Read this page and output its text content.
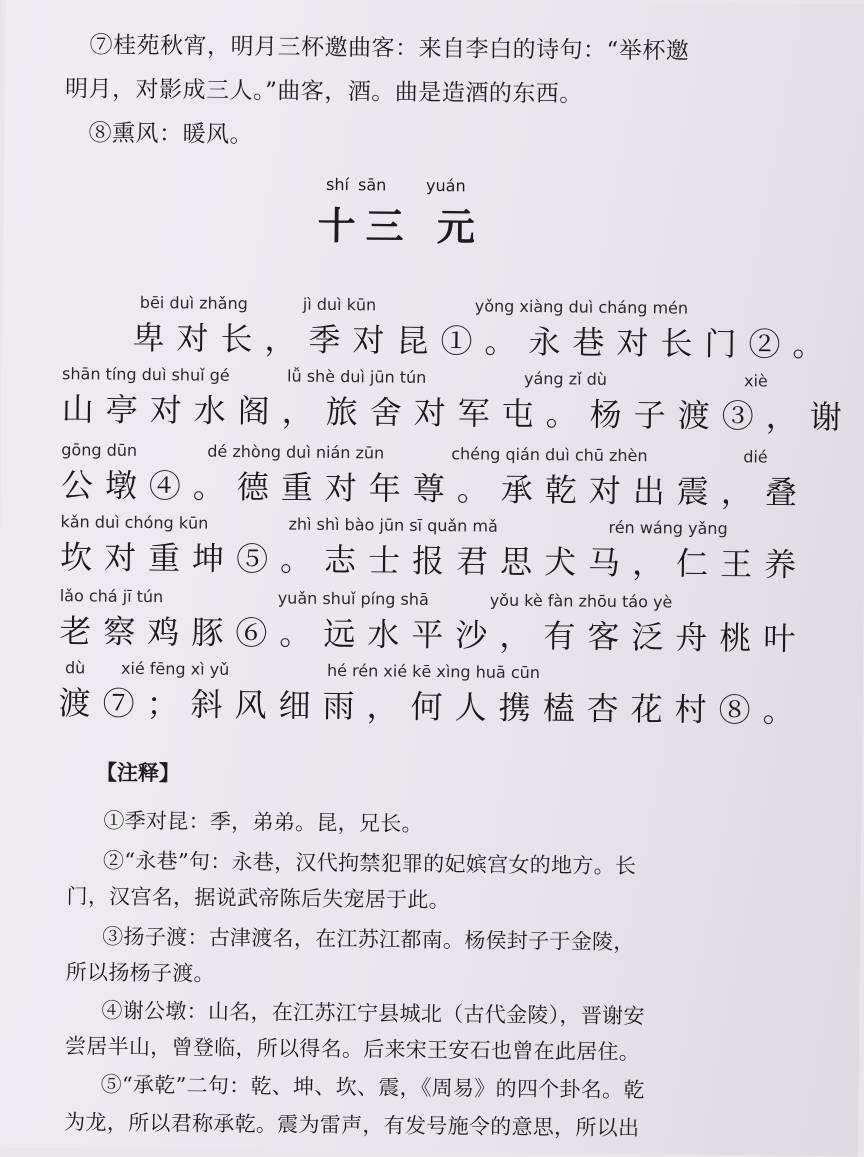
⑦桂苑秋宵，明月三杯邀曲客：来自李白的诗句：“举杯邀
明月，对影成三人。”曲客，酒。曲是造酒的东西。
⑧熏风：暖风。
shí sān yuán
十三 元
bēi duì zhǎng	jì duì kūn	yǒng xiàng duì cháng mén
卑对长，季对昆①。永巷对长门②。
shān tíng duì shuǐ gé	lǚ shè duì jūn tún	yáng zǐ dù	xiè
山亭对水阁，旅舍对军屯。杨子渡③，谢
gōng dūn	dé zhòng duì nián zūn	chéng qián duì chū zhèn	dié
公墩④。德重对年尊。承乾对出震，叠
kǎn duì chóng kūn	zhì shì bào jūn sī quǎn mǎ	rén wáng yǎng
坎对重坤⑤。志士报君思犬马，仁王养
lǎo chá jī tún	yuǎn shuǐ píng shā	yǒu kè fàn zhōu táo yè
老察鸡豚⑥。远水平沙，有客泛舟桃叶
dù xié fēng xì yǔ	hé rén xié kē xìng huā cūn
渡⑦；斜风细雨，何人携榼杏花村⑧。
【注释】
①季对昆：季，弟弟。昆，兄长。
②“永巷”句：永巷，汉代拘禁犯罪的妃嫔宫女的地方。长
门，汉宫名，据说武帝陈后失宠居于此。
③扬子渡：古津渡名，在江苏江都南。杨侯封子于金陵，
所以扬杨子渡。
④谢公墩：山名，在江苏江宁县城北（古代金陵），晋谢安
尝居半山，曾登临，所以得名。后来宋王安石也曾在此居住。
⑤“承乾”二句：乾、坤、坎、震，《周易》的四个卦名。乾
为龙，所以君称承乾。震为雷声，有发号施令的意思，所以出
